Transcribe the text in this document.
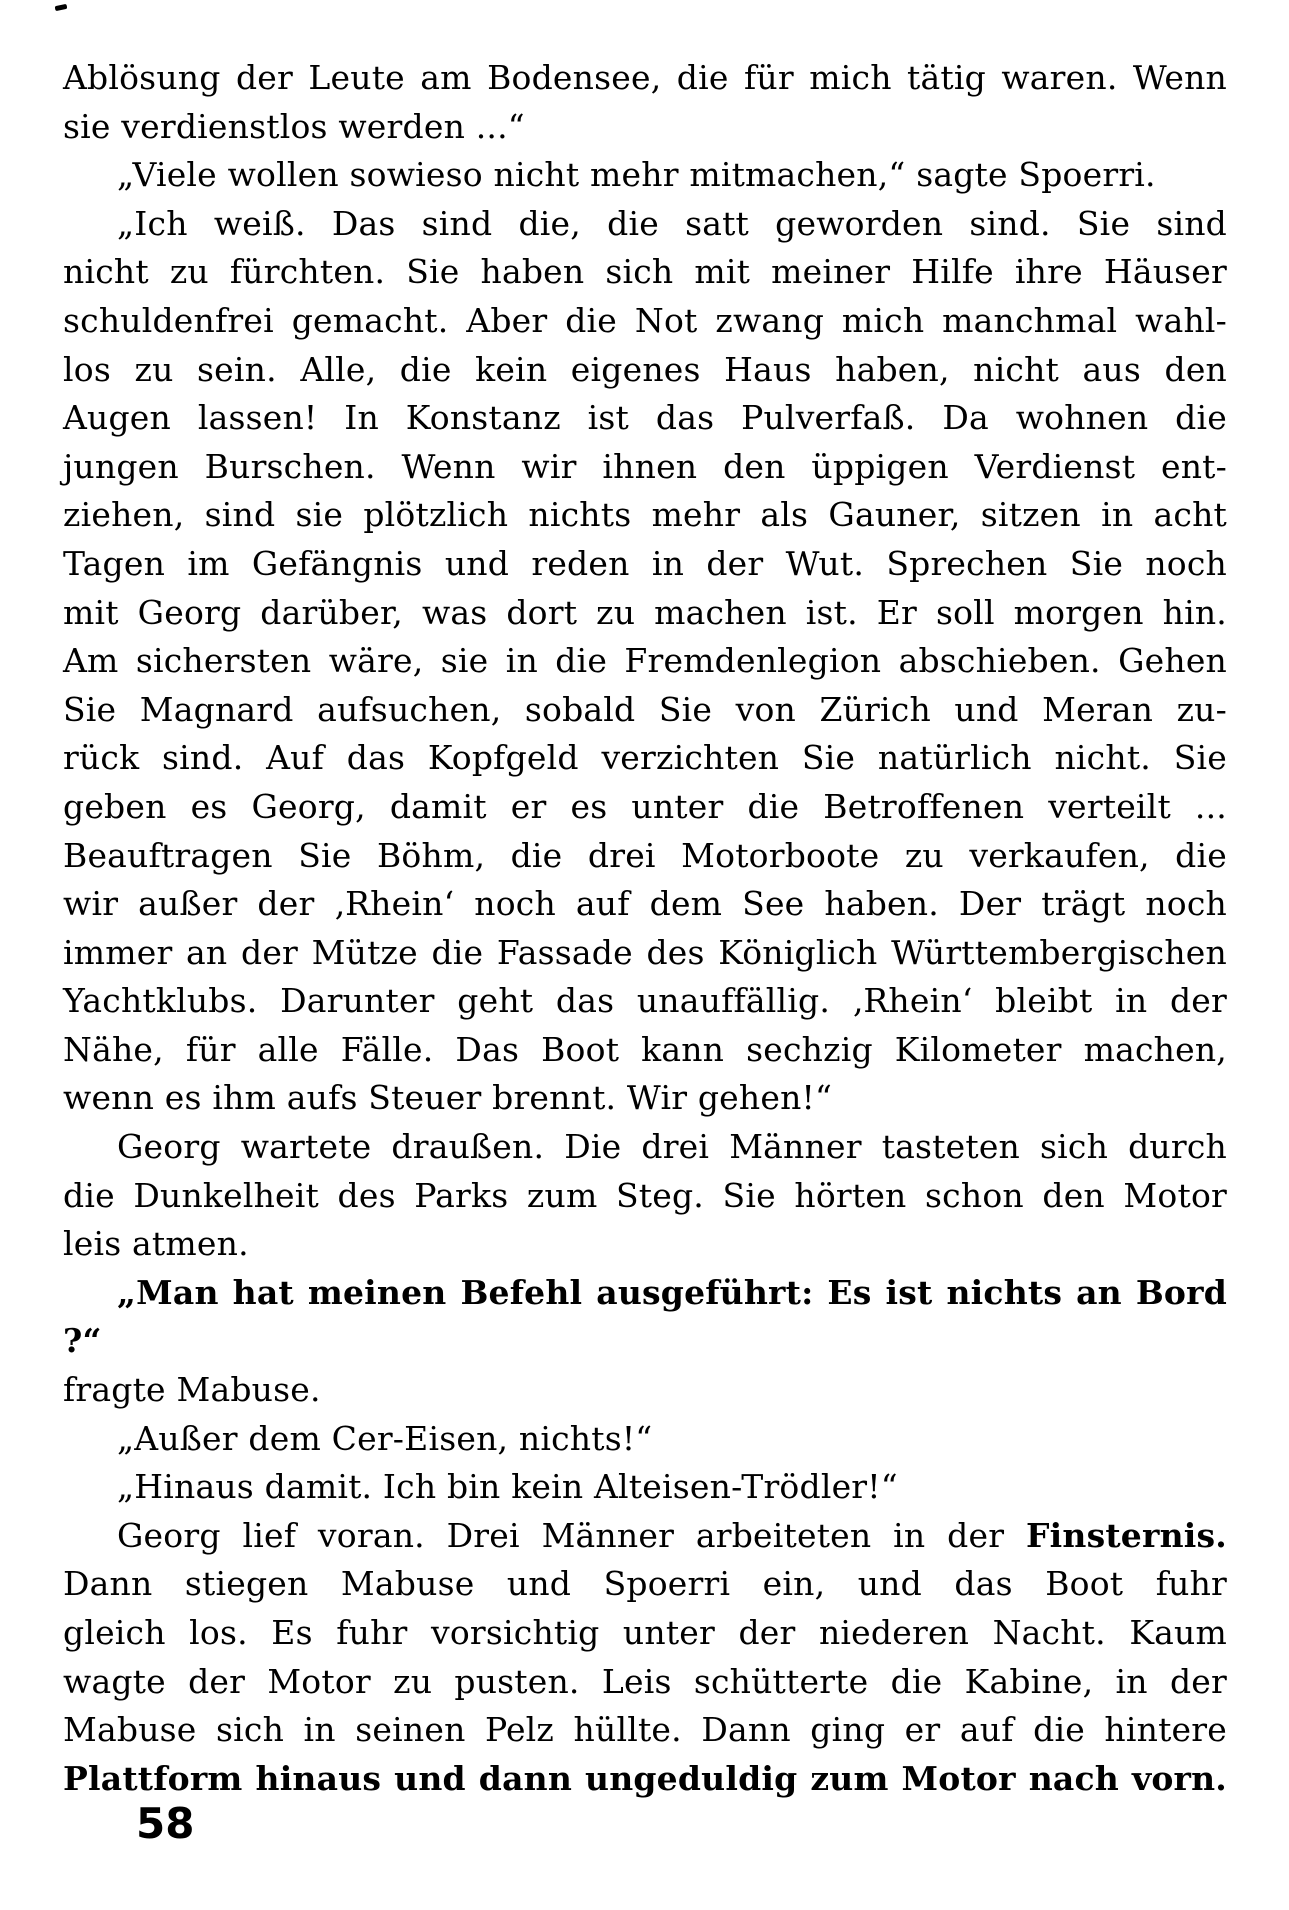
Ablösung der Leute am Bodensee, die für mich tätig waren. Wenn
sie verdienstlos werden ...“
„Viele wollen sowieso nicht mehr mitmachen,“ sagte Spoerri.
„Ich weiß. Das sind die, die satt geworden sind. Sie sind
nicht zu fürchten. Sie haben sich mit meiner Hilfe ihre Häuser
schuldenfrei gemacht. Aber die Not zwang mich manchmal wahl-
los zu sein. Alle, die kein eigenes Haus haben, nicht aus den
Augen lassen! In Konstanz ist das Pulverfaß. Da wohnen die
jungen Burschen. Wenn wir ihnen den üppigen Verdienst ent-
ziehen, sind sie plötzlich nichts mehr als Gauner, sitzen in acht
Tagen im Gefängnis und reden in der Wut. Sprechen Sie noch
mit Georg darüber, was dort zu machen ist. Er soll morgen hin.
Am sichersten wäre, sie in die Fremdenlegion abschieben. Gehen
Sie Magnard aufsuchen, sobald Sie von Zürich und Meran zu-
rück sind. Auf das Kopfgeld verzichten Sie natürlich nicht. Sie
geben es Georg, damit er es unter die Betroffenen verteilt ...
Beauftragen Sie Böhm, die drei Motorboote zu verkaufen, die
wir außer der ‚Rhein‘ noch auf dem See haben. Der trägt noch
immer an der Mütze die Fassade des Königlich Württembergischen
Yachtklubs. Darunter geht das unauffällig. ‚Rhein‘ bleibt in der
Nähe, für alle Fälle. Das Boot kann sechzig Kilometer machen,
wenn es ihm aufs Steuer brennt. Wir gehen!“
Georg wartete draußen. Die drei Männer tasteten sich durch
die Dunkelheit des Parks zum Steg. Sie hörten schon den Motor
leis atmen.
„Man hat meinen Befehl ausgeführt: Es ist nichts an Bord ?“
fragte Mabuse.
„Außer dem Cer-Eisen, nichts!“
„Hinaus damit. Ich bin kein Alteisen-Trödler!“
Georg lief voran. Drei Männer arbeiteten in der Finsternis.
Dann stiegen Mabuse und Spoerri ein, und das Boot fuhr
gleich los. Es fuhr vorsichtig unter der niederen Nacht. Kaum
wagte der Motor zu pusten. Leis schütterte die Kabine, in der
Mabuse sich in seinen Pelz hüllte. Dann ging er auf die hintere
Plattform hinaus und dann ungeduldig zum Motor nach vorn.
58
